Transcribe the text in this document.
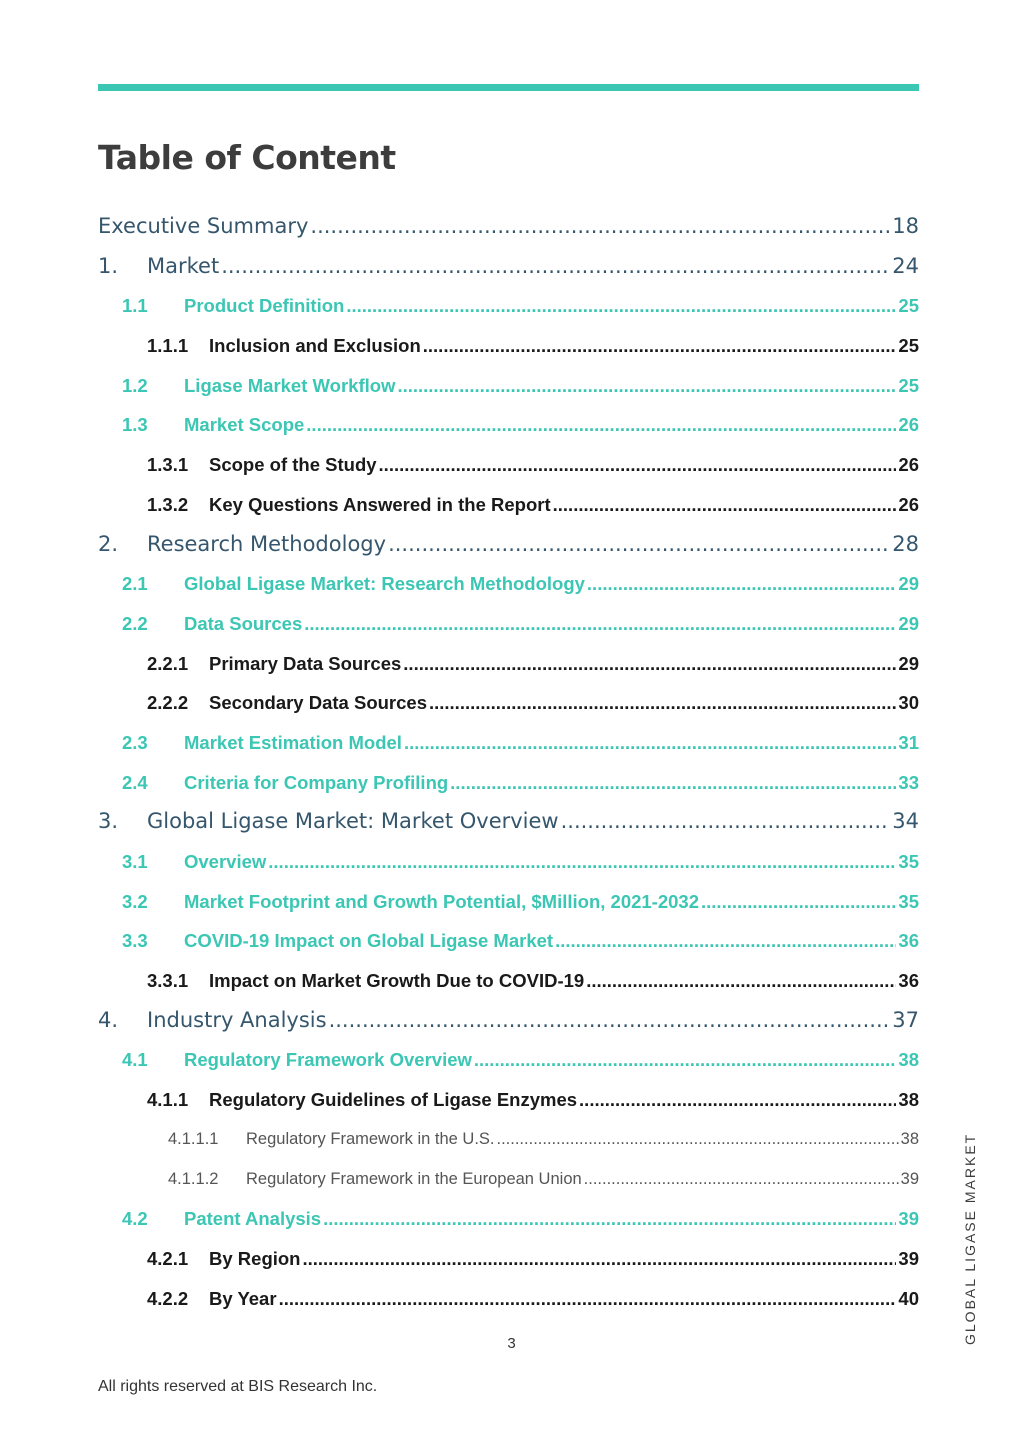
Table of Content
Executive Summary .....	18
1.	Market .....	24
1.1	Product Definition .....	25
1.1.1	Inclusion and Exclusion .....	25
1.2	Ligase Market Workflow .....	25
1.3	Market Scope .....	26
1.3.1	Scope of the Study .....	26
1.3.2	Key Questions Answered in the Report .....	26
2.	Research Methodology .....	28
2.1	Global Ligase Market: Research Methodology .....	29
2.2	Data Sources .....	29
2.2.1	Primary Data Sources .....	29
2.2.2	Secondary Data Sources .....	30
2.3	Market Estimation Model .....	31
2.4	Criteria for Company Profiling .....	33
3.	Global Ligase Market: Market Overview .....	34
3.1	Overview .....	35
3.2	Market Footprint and Growth Potential, $Million, 2021-2032 .....	35
3.3	COVID-19 Impact on Global Ligase Market .....	36
3.3.1	Impact on Market Growth Due to COVID-19 .....	36
4.	Industry Analysis .....	37
4.1	Regulatory Framework Overview .....	38
4.1.1	Regulatory Guidelines of Ligase Enzymes .....	38
4.1.1.1	Regulatory Framework in the U.S. .....	38
4.1.1.2	Regulatory Framework in the European Union .....	39
4.2	Patent Analysis .....	39
4.2.1	By Region .....	39
4.2.2	By Year .....	40
3	GLOBAL LIGASE MARKET
All rights reserved at BIS Research Inc.
